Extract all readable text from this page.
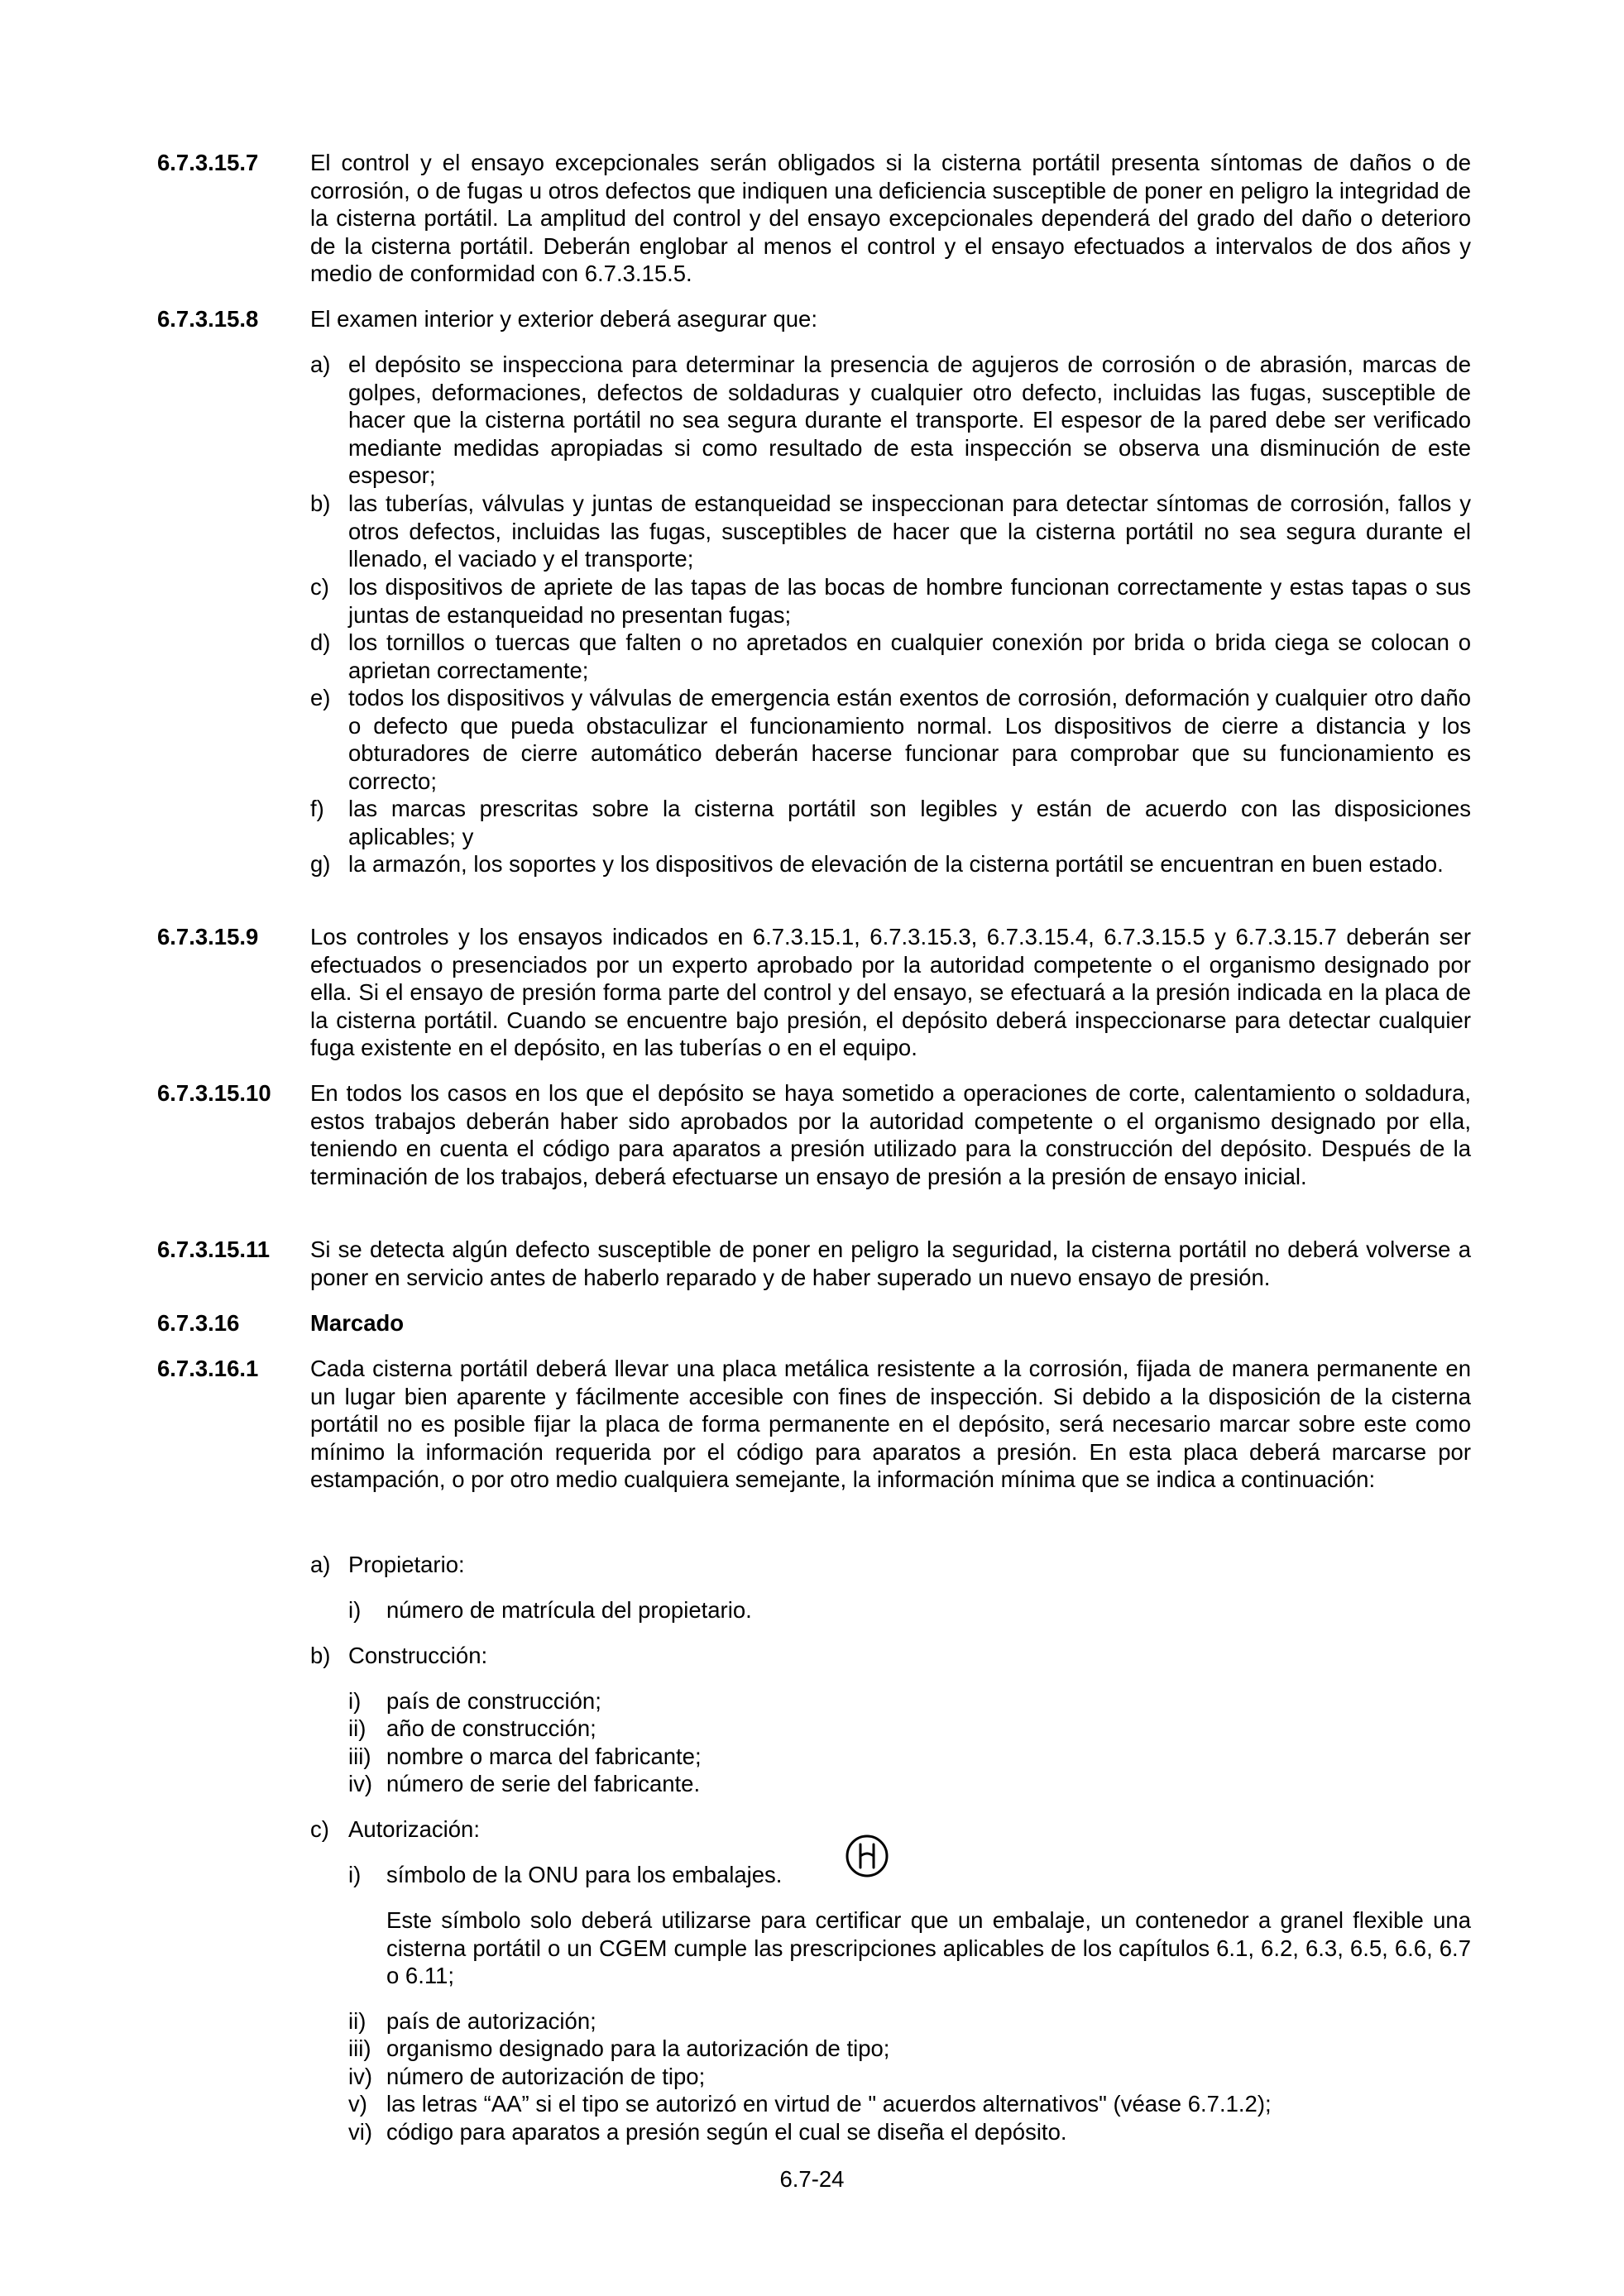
6.7.3.15.7 El control y el ensayo excepcionales serán obligados si la cisterna portátil presenta síntomas de daños o de corrosión, o de fugas u otros defectos que indiquen una deficiencia susceptible de poner en peligro la integridad de la cisterna portátil. La amplitud del control y del ensayo excepcionales dependerá del grado del daño o deterioro de la cisterna portátil. Deberán englobar al menos el control y el ensayo efectuados a intervalos de dos años y medio de conformidad con 6.7.3.15.5.
6.7.3.15.8 El examen interior y exterior deberá asegurar que:
a) el depósito se inspecciona para determinar la presencia de agujeros de corrosión o de abrasión, marcas de golpes, deformaciones, defectos de soldaduras y cualquier otro defecto, incluidas las fugas, susceptible de hacer que la cisterna portátil no sea segura durante el transporte. El espesor de la pared debe ser verificado mediante medidas apropiadas si como resultado de esta inspección se observa una disminución de este espesor;
b) las tuberías, válvulas y juntas de estanqueidad se inspeccionan para detectar síntomas de corrosión, fallos y otros defectos, incluidas las fugas, susceptibles de hacer que la cisterna portátil no sea segura durante el llenado, el vaciado y el transporte;
c) los dispositivos de apriete de las tapas de las bocas de hombre funcionan correctamente y estas tapas o sus juntas de estanqueidad no presentan fugas;
d) los tornillos o tuercas que falten o no apretados en cualquier conexión por brida o brida ciega se colocan o aprietan correctamente;
e) todos los dispositivos y válvulas de emergencia están exentos de corrosión, deformación y cualquier otro daño o defecto que pueda obstaculizar el funcionamiento normal. Los dispositivos de cierre a distancia y los obturadores de cierre automático deberán hacerse funcionar para comprobar que su funcionamiento es correcto;
f) las marcas prescritas sobre la cisterna portátil son legibles y están de acuerdo con las disposiciones aplicables; y
g) la armazón, los soportes y los dispositivos de elevación de la cisterna portátil se encuentran en buen estado.
6.7.3.15.9 Los controles y los ensayos indicados en 6.7.3.15.1, 6.7.3.15.3, 6.7.3.15.4, 6.7.3.15.5 y 6.7.3.15.7 deberán ser efectuados o presenciados por un experto aprobado por la autoridad competente o el organismo designado por ella. Si el ensayo de presión forma parte del control y del ensayo, se efectuará a la presión indicada en la placa de la cisterna portátil. Cuando se encuentre bajo presión, el depósito deberá inspeccionarse para detectar cualquier fuga existente en el depósito, en las tuberías o en el equipo.
6.7.3.15.10 En todos los casos en los que el depósito se haya sometido a operaciones de corte, calentamiento o soldadura, estos trabajos deberán haber sido aprobados por la autoridad competente o el organismo designado por ella, teniendo en cuenta el código para aparatos a presión utilizado para la construcción del depósito. Después de la terminación de los trabajos, deberá efectuarse un ensayo de presión a la presión de ensayo inicial.
6.7.3.15.11 Si se detecta algún defecto susceptible de poner en peligro la seguridad, la cisterna portátil no deberá volverse a poner en servicio antes de haberlo reparado y de haber superado un nuevo ensayo de presión.
6.7.3.16	Marcado
6.7.3.16.1 Cada cisterna portátil deberá llevar una placa metálica resistente a la corrosión, fijada de manera permanente en un lugar bien aparente y fácilmente accesible con fines de inspección. Si debido a la disposición de la cisterna portátil no es posible fijar la placa de forma permanente en el depósito, será necesario marcar sobre este como mínimo la información requerida por el código para aparatos a presión. En esta placa deberá marcarse por estampación, o por otro medio cualquiera semejante, la información mínima que se indica a continuación:
a) Propietario:
i) número de matrícula del propietario.
b) Construcción:
i) país de construcción;
ii) año de construcción;
iii) nombre o marca del fabricante;
iv) número de serie del fabricante.
c) Autorización:
i) símbolo de la ONU para los embalajes.
Este símbolo solo deberá utilizarse para certificar que un embalaje, un contenedor a granel flexible una cisterna portátil o un CGEM cumple las prescripciones aplicables de los capítulos 6.1, 6.2, 6.3, 6.5, 6.6, 6.7 o 6.11;
ii) país de autorización;
iii) organismo designado para la autorización de tipo;
iv) número de autorización de tipo;
v) las letras “AA” si el tipo se autorizó en virtud de " acuerdos alternativos" (véase 6.7.1.2);
vi) código para aparatos a presión según el cual se diseña el depósito.
6.7-24
